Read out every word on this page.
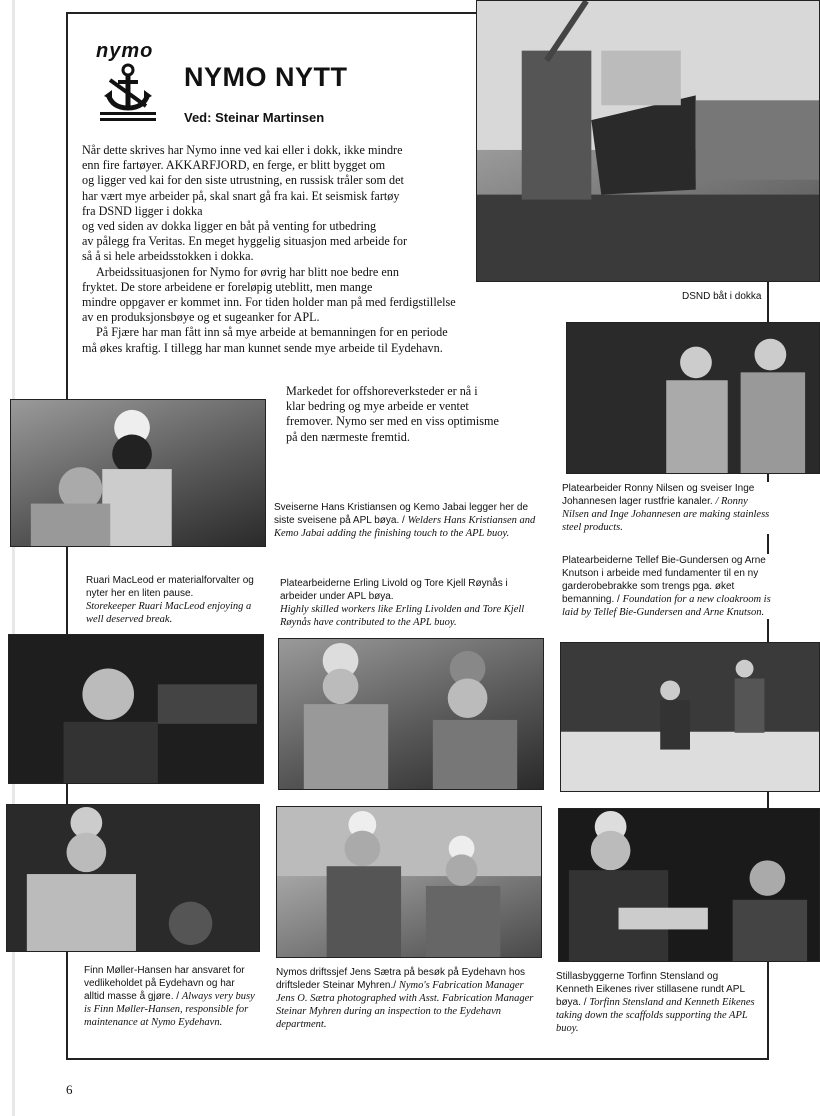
nymo
NYMO NYTT
Ved: Steinar Martinsen

Når dette skrives har Nymo inne ved kai eller i dokk, ikke mindre
enn fire fartøyer. AKKARFJORD, en ferge, er blitt bygget om
og ligger ved kai for den siste utrustning, en russisk tråler som det
har vært mye arbeider på, skal snart gå fra kai. Et seismisk fartøy
fra DSND ligger i dokka
og ved siden av dokka ligger en båt på venting for utbedring
av pålegg fra Veritas. En meget hyggelig situasjon med arbeide for
så å si hele arbeidsstokken i dokka.

Arbeidssituasjonen for Nymo for øvrig har blitt noe bedre enn
fryktet. De store arbeidene er foreløpig uteblitt, men mange
mindre oppgaver er kommet inn. For tiden holder man på med ferdigstillelse
av en produksjonsbøye og et sugeanker for APL.

På Fjære har man fått inn så mye arbeide at bemanningen for en periode
må økes kraftig. I tillegg har man kunnet sende mye arbeide til Eydehavn.

Markedet for offshoreverksteder er nå i
klar bedring og mye arbeide er ventet
fremover. Nymo ser med en viss optimisme
på den nærmeste fremtid.
DSND båt i dokka
Sveiserne Hans Kristiansen og Kemo Jabai legger her de siste sveisene på APL bøya. / Welders Hans Kristiansen and Kemo Jabai adding the finishing touch to the APL buoy.
Platearbeider Ronny Nilsen og sveiser Inge Johannesen lager rustfrie kanaler. / Ronny Nilsen and Inge Johannesen are making stainless steel products.
Platearbeiderne Tellef Bie-Gundersen og Arne Knutson i arbeide med fundamenter til en ny garderobebrakke som trengs pga. øket bemanning. / Foundation for a new cloakroom is laid by Tellef Bie-Gundersen and Arne Knutson.
Ruari MacLeod er materialforvalter og nyter her en liten pause.
Storekeeper Ruari MacLeod enjoying a well deserved break.
Platearbeiderne Erling Livold og Tore Kjell Røynås i arbeider under APL bøya.
Highly skilled workers like Erling Livolden and Tore Kjell Røynås have contributed to the APL buoy.
Finn Møller-Hansen har ansvaret for vedlikeholdet på Eydehavn og har alltid masse å gjøre. / Always very busy is Finn Møller-Hansen, responsible for maintenance at Nymo Eydehavn.
Nymos driftssjef Jens Sætra på besøk på Eydehavn hos driftsleder Steinar Myhren./ Nymo's Fabrication Manager Jens O. Sætra photographed with Asst. Fabrication Manager Steinar Myhren during an inspection to the Eydehavn department.
Stillasbyggerne Torfinn Stensland og Kenneth Eikenes river stillasene rundt APL bøya. / Torfinn Stensland and Kenneth Eikenes taking down the scaffolds supporting the APL buoy.
6
